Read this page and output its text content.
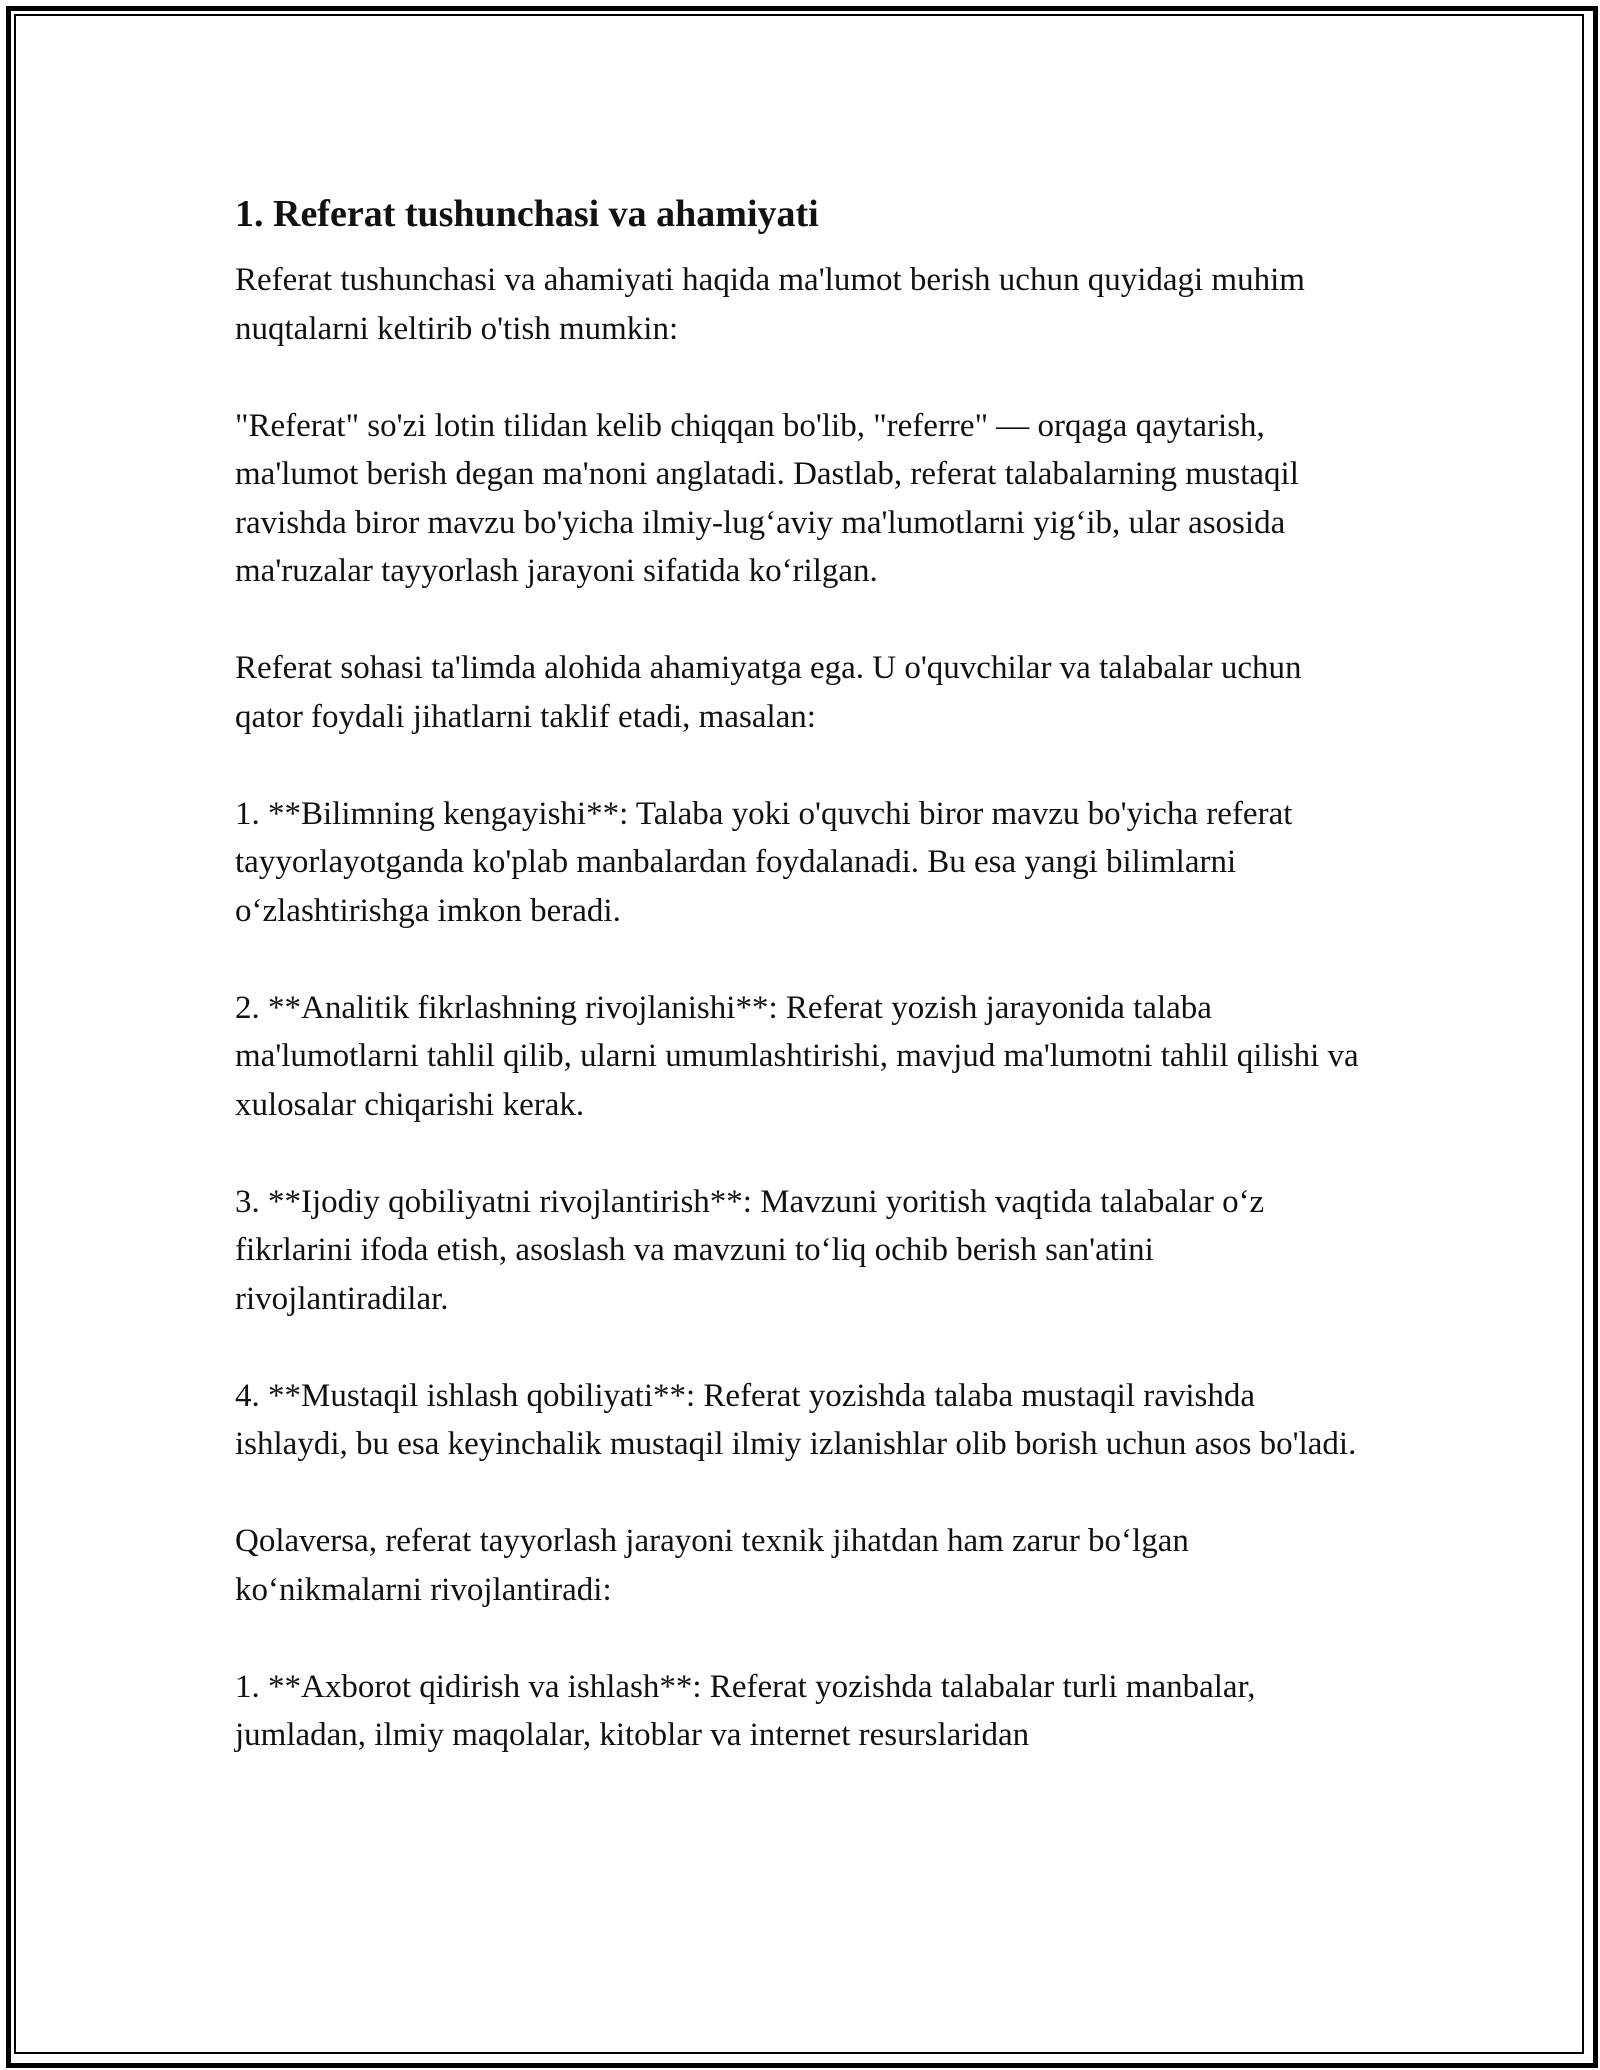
1. Referat tushunchasi va ahamiyati

Referat tushunchasi va ahamiyati haqida ma'lumot berish uchun quyidagi muhim nuqtalarni keltirib o'tish mumkin:

"Referat" so'zi lotin tilidan kelib chiqqan bo'lib, "referre" — orqaga qaytarish, ma'lumot berish degan ma'noni anglatadi. Dastlab, referat talabalarning mustaqil ravishda biror mavzu bo'yicha ilmiy-lug‘aviy ma'lumotlarni yig‘ib, ular asosida ma'ruzalar tayyorlash jarayoni sifatida ko‘rilgan.

Referat sohasi ta'limda alohida ahamiyatga ega. U o'quvchilar va talabalar uchun qator foydali jihatlarni taklif etadi, masalan:

1. **Bilimning kengayishi**: Talaba yoki o'quvchi biror mavzu bo'yicha referat tayyorlayotganda ko'plab manbalardan foydalanadi. Bu esa yangi bilimlarni o‘zlashtirishga imkon beradi.

2. **Analitik fikrlashning rivojlanishi**: Referat yozish jarayonida talaba ma'lumotlarni tahlil qilib, ularni umumlashtirishi, mavjud ma'lumotni tahlil qilishi va xulosalar chiqarishi kerak.

3. **Ijodiy qobiliyatni rivojlantirish**: Mavzuni yoritish vaqtida talabalar o‘z fikrlarini ifoda etish, asoslash va mavzuni to‘liq ochib berish san'atini rivojlantiradilar.

4. **Mustaqil ishlash qobiliyati**: Referat yozishda talaba mustaqil ravishda ishlaydi, bu esa keyinchalik mustaqil ilmiy izlanishlar olib borish uchun asos bo'ladi.

Qolaversa, referat tayyorlash jarayoni texnik jihatdan ham zarur bo‘lgan ko‘nikmalarni rivojlantiradi:

1. **Axborot qidirish va ishlash**: Referat yozishda talabalar turli manbalar, jumladan, ilmiy maqolalar, kitoblar va internet resurslaridan
